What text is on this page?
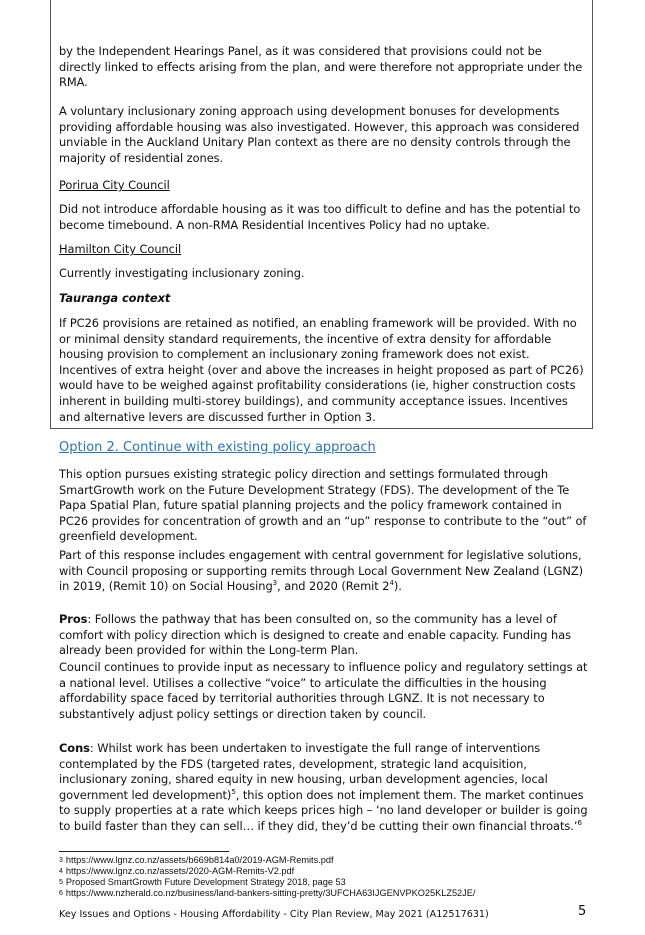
by the Independent Hearings Panel, as it was considered that provisions could not be directly linked to effects arising from the plan, and were therefore not appropriate under the RMA.

A voluntary inclusionary zoning approach using development bonuses for developments providing affordable housing was also investigated. However, this approach was considered unviable in the Auckland Unitary Plan context as there are no density controls through the majority of residential zones.

Porirua City Council

Did not introduce affordable housing as it was too difficult to define and has the potential to become timebound. A non-RMA Residential Incentives Policy had no uptake.

Hamilton City Council

Currently investigating inclusionary zoning.

Tauranga context

If PC26 provisions are retained as notified, an enabling framework will be provided. With no or minimal density standard requirements, the incentive of extra density for affordable housing provision to complement an inclusionary zoning framework does not exist. Incentives of extra height (over and above the increases in height proposed as part of PC26) would have to be weighed against profitability considerations (ie, higher construction costs inherent in building multi-storey buildings), and community acceptance issues. Incentives and alternative levers are discussed further in Option 3.

Option 2. Continue with existing policy approach

This option pursues existing strategic policy direction and settings formulated through SmartGrowth work on the Future Development Strategy (FDS). The development of the Te Papa Spatial Plan, future spatial planning projects and the policy framework contained in PC26 provides for concentration of growth and an “up” response to contribute to the “out” of greenfield development.

Part of this response includes engagement with central government for legislative solutions, with Council proposing or supporting remits through Local Government New Zealand (LGNZ) in 2019, (Remit 10) on Social Housing$^3$, and 2020 (Remit $2^4$).

Pros: Follows the pathway that has been consulted on, so the community has a level of comfort with policy direction which is designed to create and enable capacity. Funding has already been provided for within the Long-term Plan.

Council continues to provide input as necessary to influence policy and regulatory settings at a national level. Utilises a collective “voice” to articulate the difficulties in the housing affordability space faced by territorial authorities through LGNZ. It is not necessary to substantively adjust policy settings or direction taken by council.

Cons: Whilst work has been undertaken to investigate the full range of interventions contemplated by the FDS (targeted rates, development, strategic land acquisition, inclusionary zoning, shared equity in new housing, urban development agencies, local government led development)$^5$, this option does not implement them. The market continues to supply properties at a rate which keeps prices high – ‘no land developer or builder is going to build faster than they can sell… if they did, they’d be cutting their own financial throats.’$^6$

3 https://www.lgnz.co.nz/assets/b669b814a0/2019-AGM-Remits.pdf

4 https://www.lgnz.co.nz/assets/2020-AGM-Remits-V2.pdf

5 Proposed SmartGrowth Future Development Strategy 2018, page 53

6 https://www.nzherald.co.nz/business/land-bankers-sitting-pretty/3UFCHA63IJGENVPKO25KLZ52JE/

Key Issues and Options - Housing Affordability - City Plan Review, May 2021 (A12517631)	5
